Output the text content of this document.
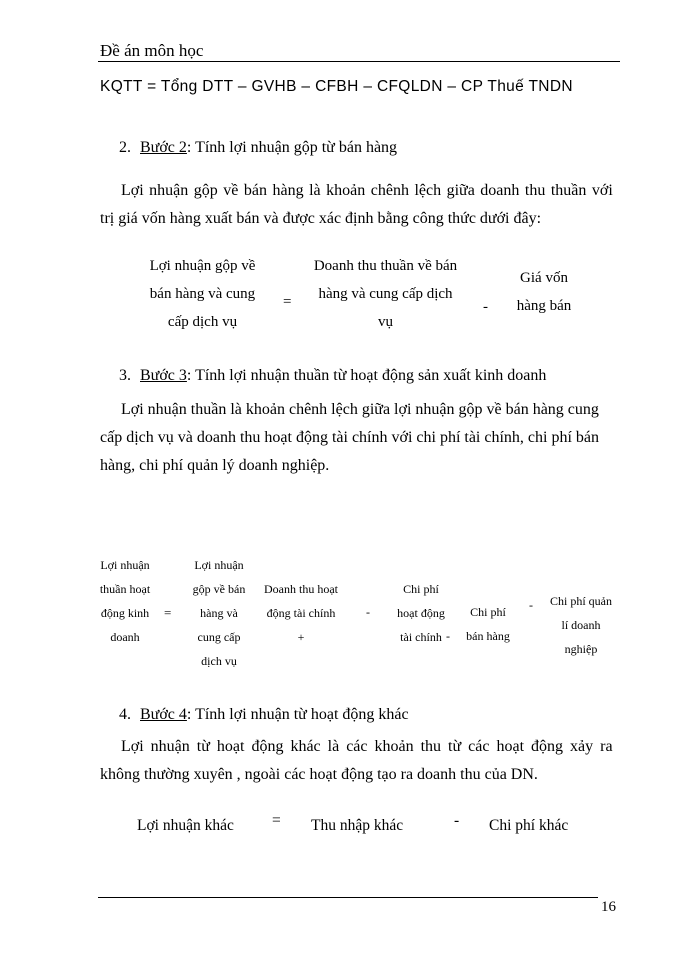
Đề án môn học
KQTT = Tổng DTT – GVHB – CFBH – CFQLDN – CP Thuế TNDN
2. Bước 2: Tính lợi nhuận gộp từ bán hàng
Lợi nhuận gộp về bán hàng là khoản chênh lệch giữa doanh thu thuần với
trị giá vốn hàng xuất bán và được xác định bằng công thức dưới đây:
Lợi nhuận gộp về
bán hàng và cung
cấp dịch vụ
=
Doanh thu thuần về bán
hàng và cung cấp dịch
vụ
-
Giá vốn
hàng bán
3. Bước 3: Tính lợi nhuận thuần từ hoạt động sản xuất kinh doanh
Lợi nhuận thuần là khoản chênh lệch giữa lợi nhuận gộp về bán hàng cung
cấp dịch vụ và doanh thu hoạt động tài chính với chi phí tài chính, chi phí bán
hàng, chi phí quản lý doanh nghiệp.
Lợi nhuận
thuần hoạt
động kinh
doanh
=
Lợi nhuận
gộp về bán
hàng và
cung cấp
dịch vụ
Doanh thu hoạt
động tài chính
+
-
Chi phí
hoạt động
tài chính -
Chi phí
bán hàng
-	Chi phí quản
lí doanh
nghiệp
4. Bước 4: Tính lợi nhuận từ hoạt động khác
Lợi nhuận từ hoạt động khác là các khoản thu từ các hoạt động xảy ra
không thường xuyên , ngoài các hoạt động tạo ra doanh thu của DN.
Lợi nhuận khác = Thu nhập khác	- Chi phí khác
16
